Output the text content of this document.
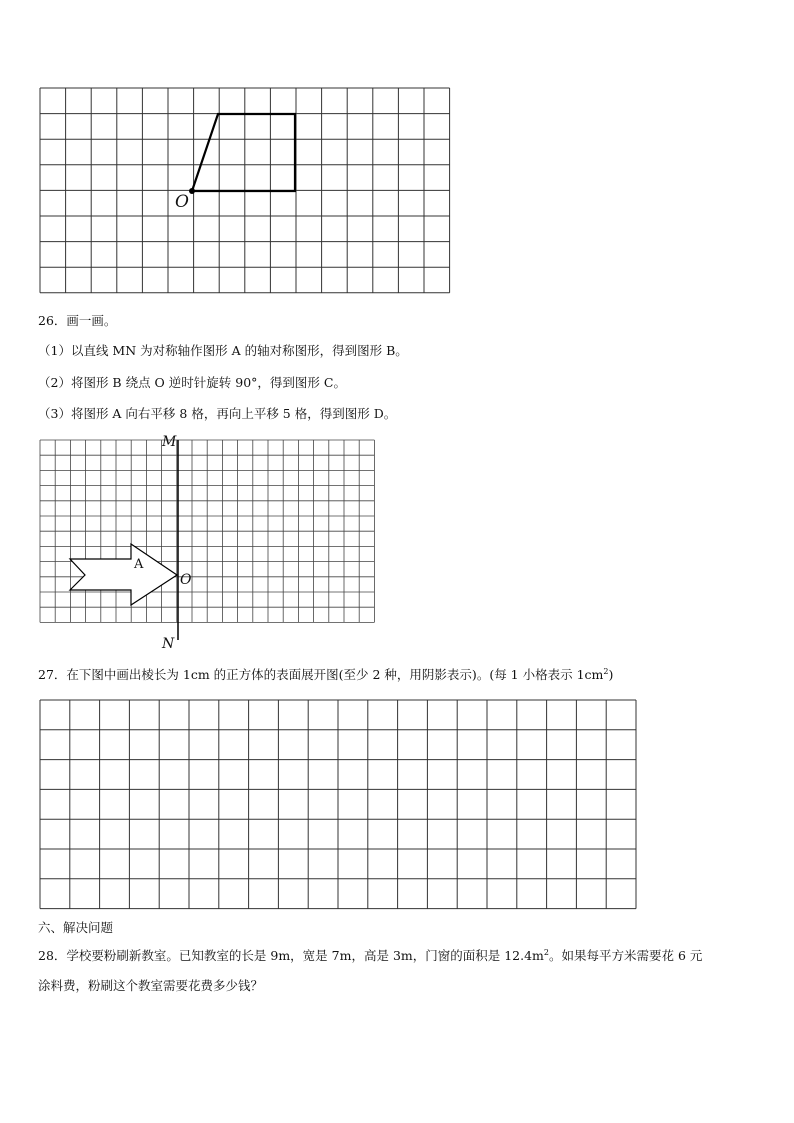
O
26．画一画。
（1）以直线 MN 为对称轴作图形 A 的轴对称图形，得到图形 B。
（2）将图形 B 绕点 O 逆时针旋转 90°，得到图形 C。
（3）将图形 A 向右平移 8 格，再向上平移 5 格，得到图形 D。
M
N
O
A
27．在下图中画出棱长为 1cm 的正方体的表面展开图(至少 2 种，用阴影表示)。(每 1 小格表示 $1cm^2$)
六、解决问题
28．学校要粉刷新教室。已知教室的长是 9m，宽是 7m，高是 3m，门窗的面积是 $12.4m^2$。如果每平方米需要花 6 元
涂料费，粉刷这个教室需要花费多少钱？
